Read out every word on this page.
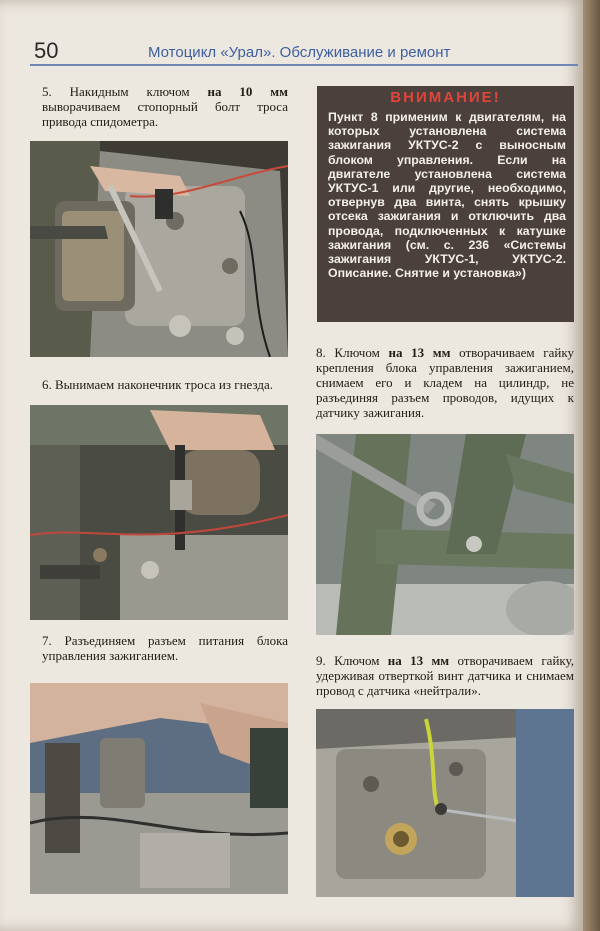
50	Мотоцикл «Урал». Обслуживание и ремонт
5. Накидным ключом на 10 мм выворачиваем стопорный болт троса привода спидометра.
6. Вынимаем наконечник троса из гнезда.
7. Разъединяем разъем питания блока управления зажиганием.
ВНИМАНИЕ!
Пункт 8 применим к двигателям, на которых установлена система зажигания УКТУС-2 с выносным блоком управления. Если на двигателе установлена система УКТУС-1 или другие, необходимо, отвернув два винта, снять крышку отсека зажигания и отключить два провода, подключенных к катушке зажигания (см. с. 236 «Системы зажигания УКТУС-1, УКТУС-2. Описание. Снятие и установка»)
8. Ключом на 13 мм отворачиваем гайку крепления блока управления зажиганием, снимаем его и кладем на цилиндр, не разъединяя разъем проводов, идущих к датчику зажигания.
9. Ключом на 13 мм отворачиваем гайку, удерживая отверткой винт датчика и снимаем провод с датчика «нейтрали».
